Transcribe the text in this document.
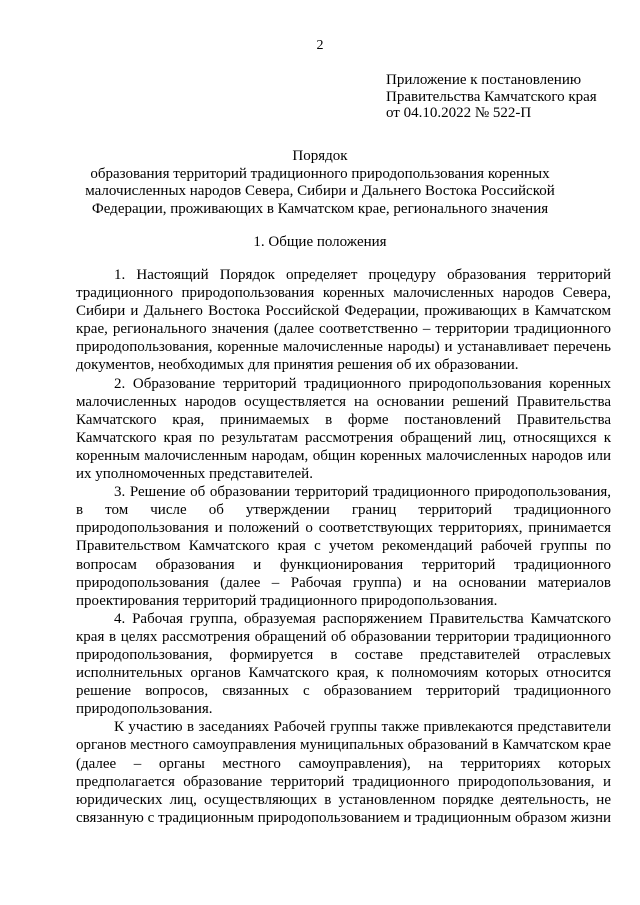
2
Приложение к постановлению
Правительства Камчатского края
от 04.10.2022 № 522-П
Порядок
образования территорий традиционного природопользования коренных
малочисленных народов Севера, Сибири и Дальнего Востока Российской
Федерации, проживающих в Камчатском крае, регионального значения
1. Общие положения

1. Настоящий Порядок определяет процедуру образования территорий традиционного природопользования коренных малочисленных народов Севера, Сибири и Дальнего Востока Российской Федерации, проживающих в Камчатском крае, регионального значения (далее соответственно – территории традиционного природопользования, коренные малочисленные народы) и устанавливает перечень документов, необходимых для принятия решения об их образовании.

2. Образование территорий традиционного природопользования коренных малочисленных народов осуществляется на основании решений Правительства Камчатского края, принимаемых в форме постановлений Правительства Камчатского края по результатам рассмотрения обращений лиц, относящихся к коренным малочисленным народам, общин коренных малочисленных народов или их уполномоченных представителей.

3. Решение об образовании территорий традиционного природопользования, в том числе об утверждении границ территорий традиционного природопользования и положений о соответствующих территориях, принимается Правительством Камчатского края с учетом рекомендаций рабочей группы по вопросам образования и функционирования территорий традиционного природопользования (далее – Рабочая группа) и на основании материалов проектирования территорий традиционного природопользования.

4. Рабочая группа, образуемая распоряжением Правительства Камчатского края в целях рассмотрения обращений об образовании территории традиционного природопользования, формируется в составе представителей отраслевых исполнительных органов Камчатского края, к полномочиям которых относится решение вопросов, связанных с образованием территорий традиционного природопользования.

К участию в заседаниях Рабочей группы также привлекаются представители органов местного самоуправления муниципальных образований в Камчатском крае (далее – органы местного самоуправления), на территориях которых предполагается образование территорий традиционного природопользования, и юридических лиц, осуществляющих в установленном порядке деятельность, не связанную с традиционным природопользованием и традиционным образом жизни
